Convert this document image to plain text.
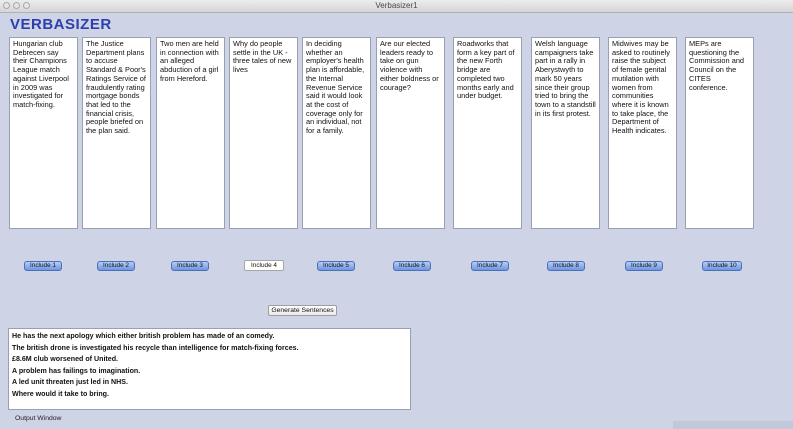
Verbasizer1
VERBASIZER
Hungarian club Debrecen say their Champions League match against Liverpool in 2009 was investigated for match-fixing.
The Justice Department plans to accuse Standard & Poor's Ratings Service of fraudulently rating mortgage bonds that led to the financial crisis, people briefed on the plan said.
Two men are held in connection with an alleged abduction of a girl from Hereford.
Why do people settle in the UK - three tales of new lives
In deciding whether an employer's health plan is affordable, the Internal Revenue Service said it would look at the cost of coverage only for an individual, not for a family.
Are our elected leaders ready to take on gun violence with either boldness or courage?
Roadworks that form a key part of the new Forth bridge are completed two months early and under budget.
Welsh language campaigners take part in a rally in Aberystwyth to mark 50 years since their group tried to bring the town to a standstill in its first protest.
Midwives may be asked to routinely raise the subject of female genital mutilation with women from communities where it is known to take place, the Department of Health indicates.
MEPs are questioning the Commission and Council on the CITES conference.
Include 1	Include 2	Include 3	Include 4	Include 5	Include 6	Include 7	Include 8	Include 9	Include 10
Generate Sentences
He has the next apology which either british problem has made of an comedy.
The british drone is investigated his recycle than intelligence for match-fixing forces.
£8.6M club worsened of United.
A problem has failings to imagination.
A led unit threaten just led in NHS.
Where would it take to bring.
Output Window
